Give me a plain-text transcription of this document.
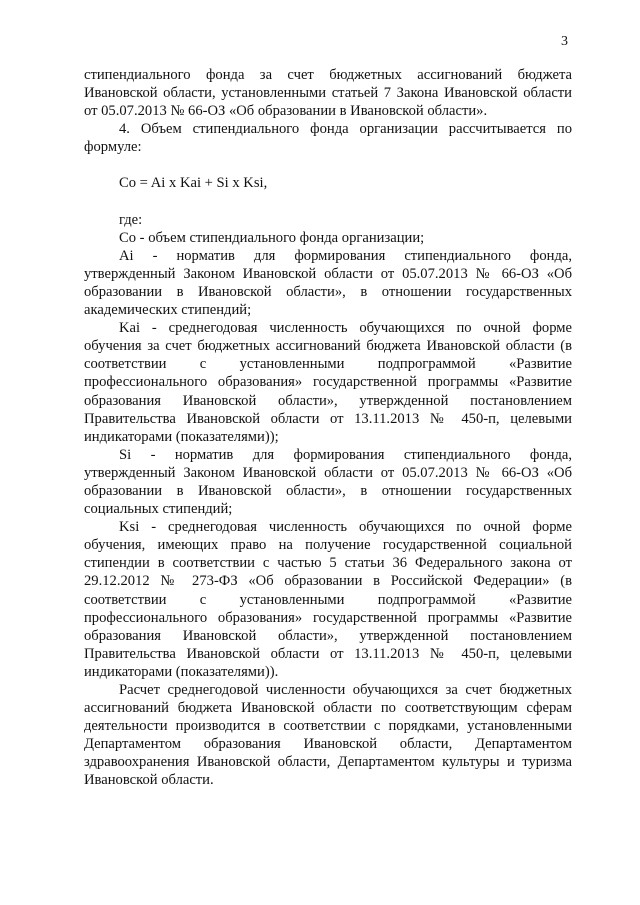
3

стипендиального фонда за счет бюджетных ассигнований бюджета Ивановской области, установленными статьей 7 Закона Ивановской области от 05.07.2013 № 66-ОЗ «Об образовании в Ивановской области».

4. Объем стипендиального фонда организации рассчитывается по формуле:

Co = Ai x Kai + Si x Ksi,

где:

Co - объем стипендиального фонда организации;

Ai - норматив для формирования стипендиального фонда, утвержденный Законом Ивановской области от 05.07.2013 № 66-ОЗ «Об образовании в Ивановской области», в отношении государственных академических стипендий;

Kai - среднегодовая численность обучающихся по очной форме обучения за счет бюджетных ассигнований бюджета Ивановской области (в соответствии с установленными подпрограммой «Развитие профессионального образования» государственной программы «Развитие образования Ивановской области», утвержденной постановлением Правительства Ивановской области от 13.11.2013 № 450-п, целевыми индикаторами (показателями));

Si - норматив для формирования стипендиального фонда, утвержденный Законом Ивановской области от 05.07.2013 № 66-ОЗ «Об образовании в Ивановской области», в отношении государственных социальных стипендий;

Ksi - среднегодовая численность обучающихся по очной форме обучения, имеющих право на получение государственной социальной стипендии в соответствии с частью 5 статьи 36 Федерального закона от 29.12.2012 № 273-ФЗ «Об образовании в Российской Федерации» (в соответствии с установленными подпрограммой «Развитие профессионального образования» государственной программы «Развитие образования Ивановской области», утвержденной постановлением Правительства Ивановской области от 13.11.2013 № 450-п, целевыми индикаторами (показателями)).

Расчет среднегодовой численности обучающихся за счет бюджетных ассигнований бюджета Ивановской области по соответствующим сферам деятельности производится в соответствии с порядками, установленными Департаментом образования Ивановской области, Департаментом здравоохранения Ивановской области, Департаментом культуры и туризма Ивановской области.
